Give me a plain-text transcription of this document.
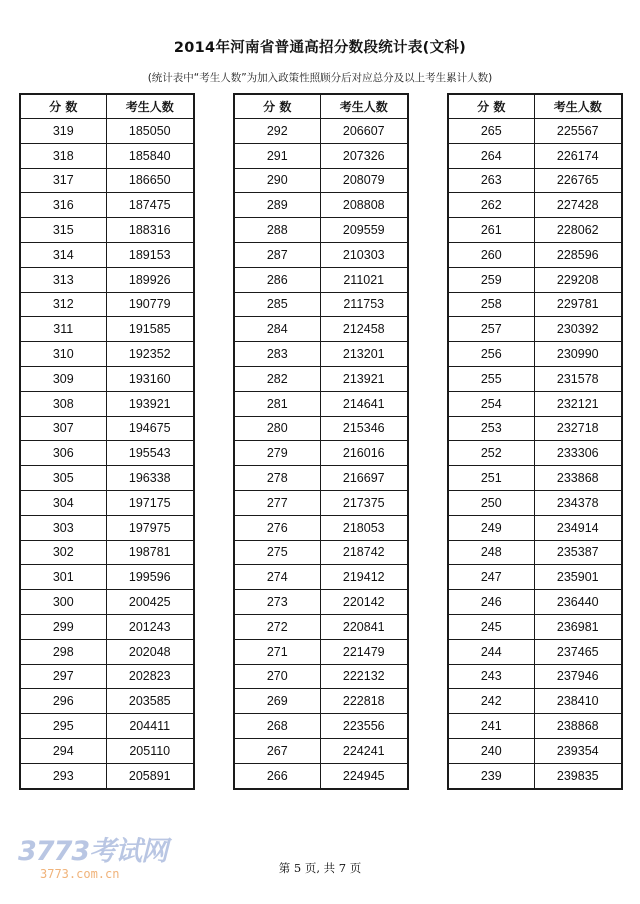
2014年河南省普通高招分数段统计表(文科)
(统计表中“考生人数”为加入政策性照顾分后对应总分及以上考生累计人数)
分 数	考生人数
319	185050
318	185840
317	186650
316	187475
315	188316
314	189153
313	189926
312	190779
311	191585
310	192352
309	193160
308	193921
307	194675
306	195543
305	196338
304	197175
303	197975
302	198781
301	199596
300	200425
299	201243
298	202048
297	202823
296	203585
295	204411
294	205110
293	205891
分 数	考生人数
292	206607
291	207326
290	208079
289	208808
288	209559
287	210303
286	211021
285	211753
284	212458
283	213201
282	213921
281	214641
280	215346
279	216016
278	216697
277	217375
276	218053
275	218742
274	219412
273	220142
272	220841
271	221479
270	222132
269	222818
268	223556
267	224241
266	224945
分 数	考生人数
265	225567
264	226174
263	226765
262	227428
261	228062
260	228596
259	229208
258	229781
257	230392
256	230990
255	231578
254	232121
253	232718
252	233306
251	233868
250	234378
249	234914
248	235387
247	235901
246	236440
245	236981
244	237465
243	237946
242	238410
241	238868
240	239354
239	239835
3773考试网
3773.com.cn	第 5 页, 共 7 页
